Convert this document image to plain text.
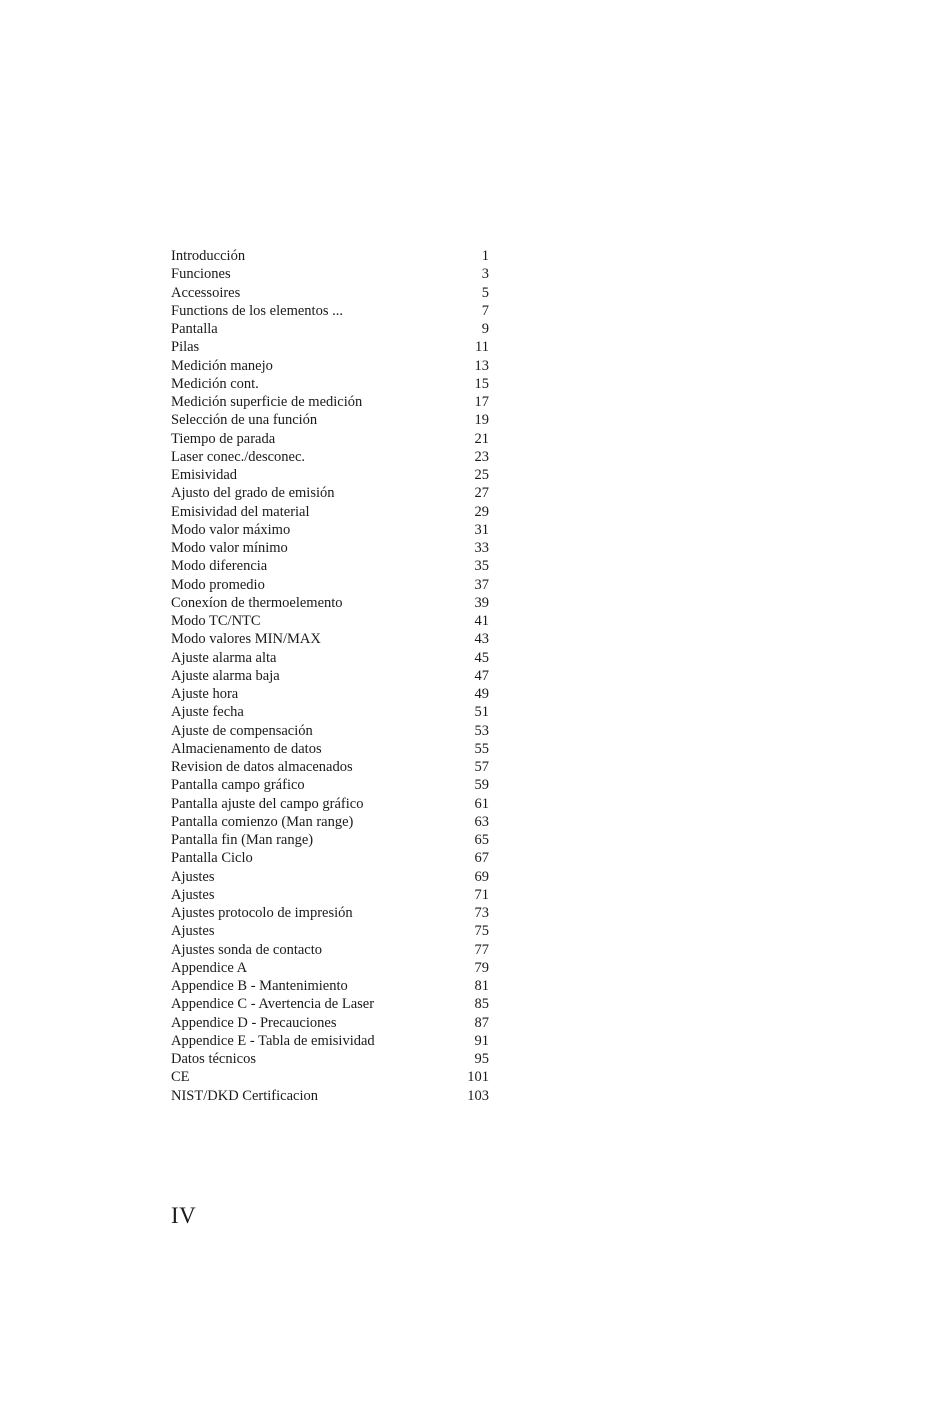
Introducción	1
Funciones	3
Accessoires	5
Functions de los elementos ...	7
Pantalla	9
Pilas	11
Medición manejo	13
Medición cont.	15
Medición superficie de medición	17
Selección de una función	19
Tiempo de parada	21
Laser conec./desconec.	23
Emisividad	25
Ajusto del grado de emisión	27
Emisividad del material	29
Modo valor máximo	31
Modo valor mínimo	33
Modo diferencia	35
Modo promedio	37
Conexíon de thermoelemento	39
Modo TC/NTC	41
Modo valores MIN/MAX	43
Ajuste alarma alta	45
Ajuste alarma baja	47
Ajuste hora	49
Ajuste fecha	51
Ajuste de compensación	53
Almacienamento de datos	55
Revision de datos almacenados	57
Pantalla campo gráfico	59
Pantalla ajuste del campo gráfico	61
Pantalla comienzo (Man range)	63
Pantalla fin (Man range)	65
Pantalla Ciclo	67
Ajustes	69
Ajustes	71
Ajustes protocolo de impresión	73
Ajustes	75
Ajustes sonda de contacto	77
Appendice A	79
Appendice B - Mantenimiento	81
Appendice C - Avertencia de Laser	85
Appendice D - Precauciones	87
Appendice E - Tabla de emisividad	91
Datos técnicos	95
CE	101
NIST/DKD Certificacion	103
IV
